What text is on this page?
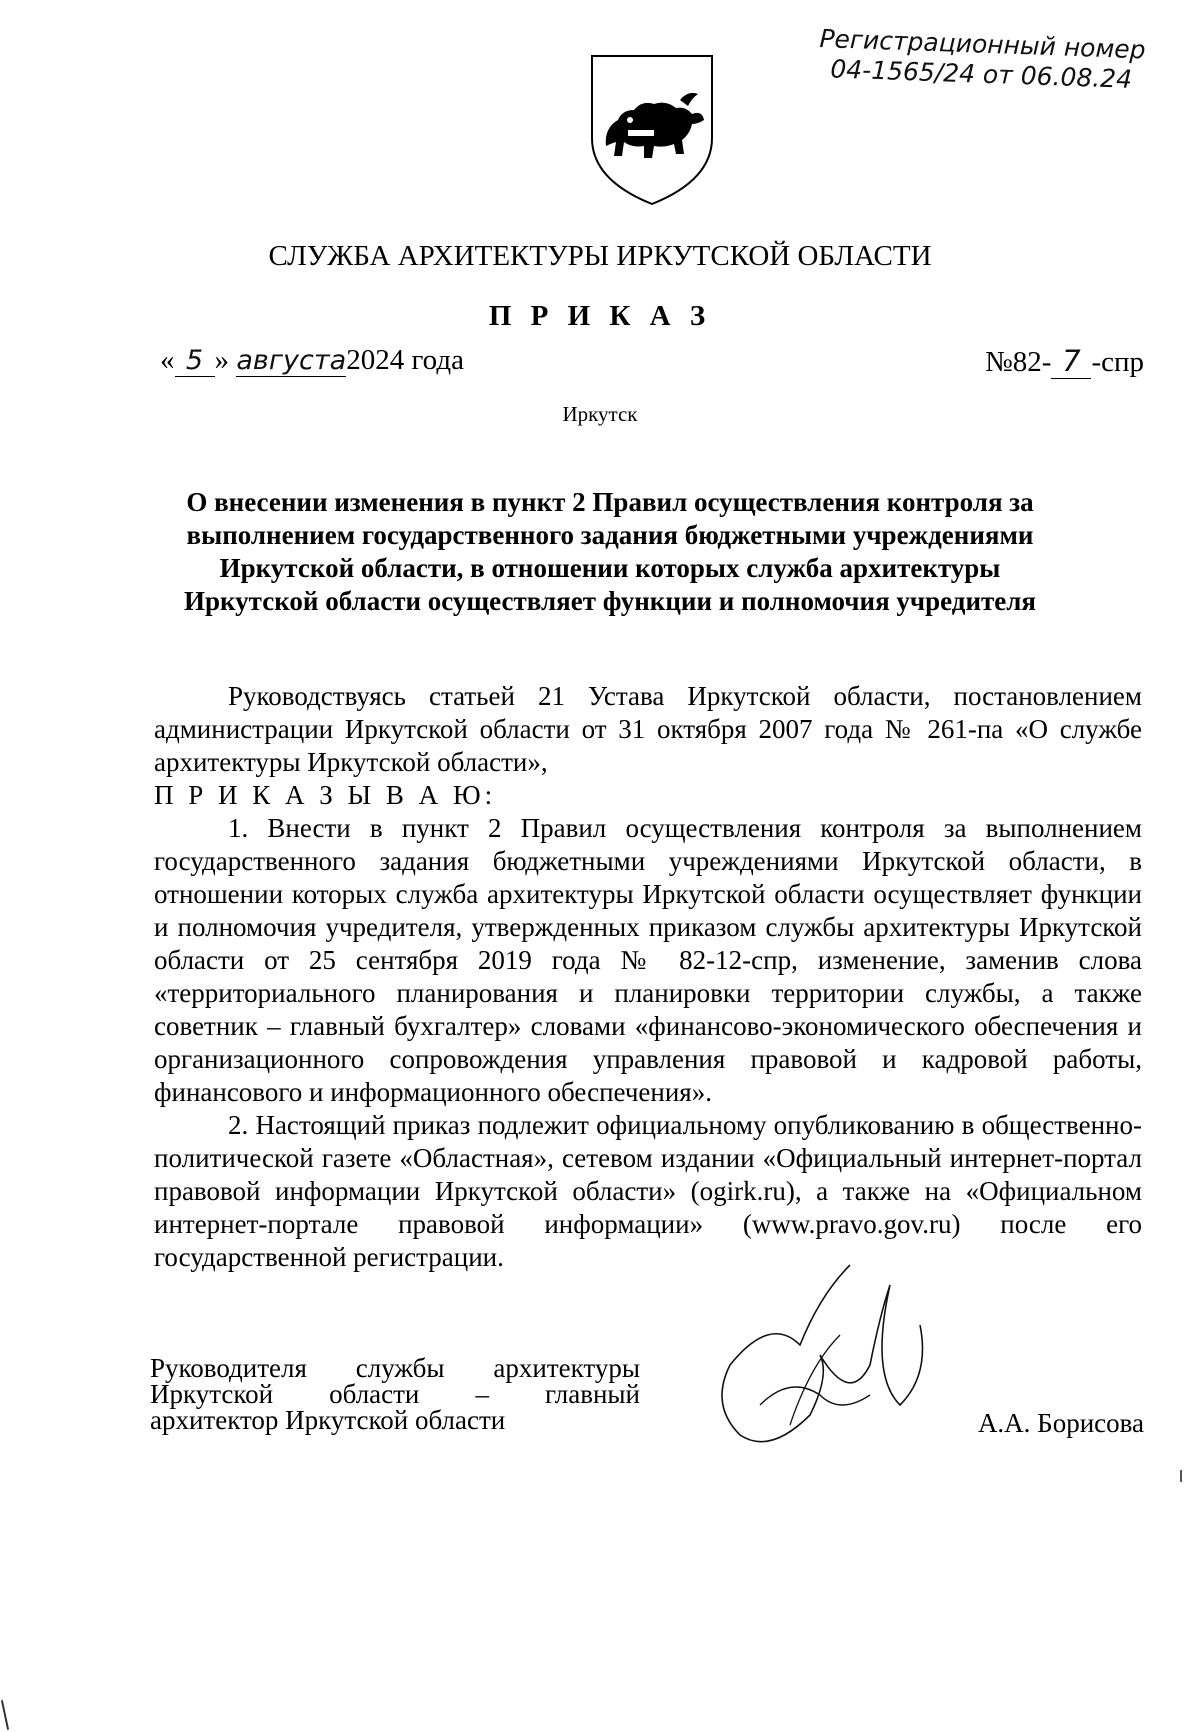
Регистрационный номер
04-1565/24 от 06.08.24
СЛУЖБА АРХИТЕКТУРЫ ИРКУТСКОЙ ОБЛАСТИ
П Р И К А З
« 5 » августа2024 года	№82- 7 -спр
Иркутск
О внесении изменения в пункт 2 Правил осуществления контроля за выполнением государственного задания бюджетными учреждениями Иркутской области, в отношении которых служба архитектуры Иркутской области осуществляет функции и полномочия учредителя

Руководствуясь статьей 21 Устава Иркутской области, постановлением администрации Иркутской области от 31 октября 2007 года № 261-па «О службе архитектуры Иркутской области»,

П Р И К А З Ы В А Ю:

1. Внести в пункт 2 Правил осуществления контроля за выполнением государственного задания бюджетными учреждениями Иркутской области, в отношении которых служба архитектуры Иркутской области осуществляет функции и полномочия учредителя, утвержденных приказом службы архитектуры Иркутской области от 25 сентября 2019 года № 82-12-спр, изменение, заменив слова «территориального планирования и планировки территории службы, а также советник – главный бухгалтер» словами «финансово-экономического обеспечения и организационного сопровождения управления правовой и кадровой работы, финансового и информационного обеспечения».

2. Настоящий приказ подлежит официальному опубликованию в общественно-политической газете «Областная», сетевом издании «Официальный интернет-портал правовой информации Иркутской области» (ogirk.ru), а также на «Официальном интернет-портале правовой информации» (www.pravo.gov.ru) после его государственной регистрации.

Руководителя службы архитектуры
Иркутской области – главный
архитектор Иркутской области	А.А. Борисова
